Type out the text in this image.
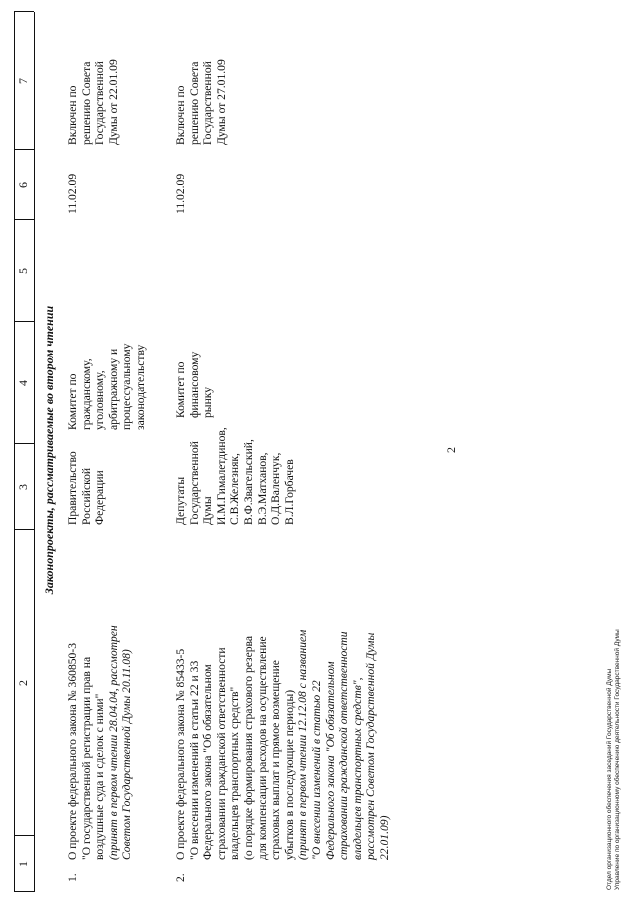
2
1
2
3
4
5
6
7
Законопроекты, рассматриваемые во втором чтении
1.
О проекте федерального закона № 360850-3 "О государственной регистрации прав на воздушные суда и сделок с ними" (принят в первом чтении 28.04.04, рассмотрен Советом Государственной Думы 20.11.08)
Правительство Российской Федерации
Комитет по гражданскому, уголовному, арбитражному и процессуальному законодательству
11.02.09
Включен по решению Совета Государственной Думы от 22.01.09
2.
О проекте федерального закона № 85433-5 "О внесении изменений в статьи 22 и 33 Федерального закона "Об обязательном страховании гражданской ответственности владельцев транспортных средств" (о порядке формирования страхового резерва для компенсации расходов на осуществление страховых выплат и прямое возмещение убытков в последующие периоды) (принят в первом чтении 12.12.08 с названием "О внесении изменений в статью 22 Федерального закона "Об обязательном страховании гражданской ответственности владельцев транспортных средств", рассмотрен Советом Государственной Думы 22.01.09)
Депутаты Государственной Думы И.М.Гималетдинов, С.В.Железняк, В.Ф.Звагельский, В.Э.Матханов, О.Д.Валенчук, В.Л.Горбачев
Комитет по финансовому рынку
11.02.09
Включен по решению Совета Государственной Думы от 27.01.09
Отдел организационного обеспечения заседаний Государственной Думы Управление по организационному обеспечению деятельности Государственной Думы
